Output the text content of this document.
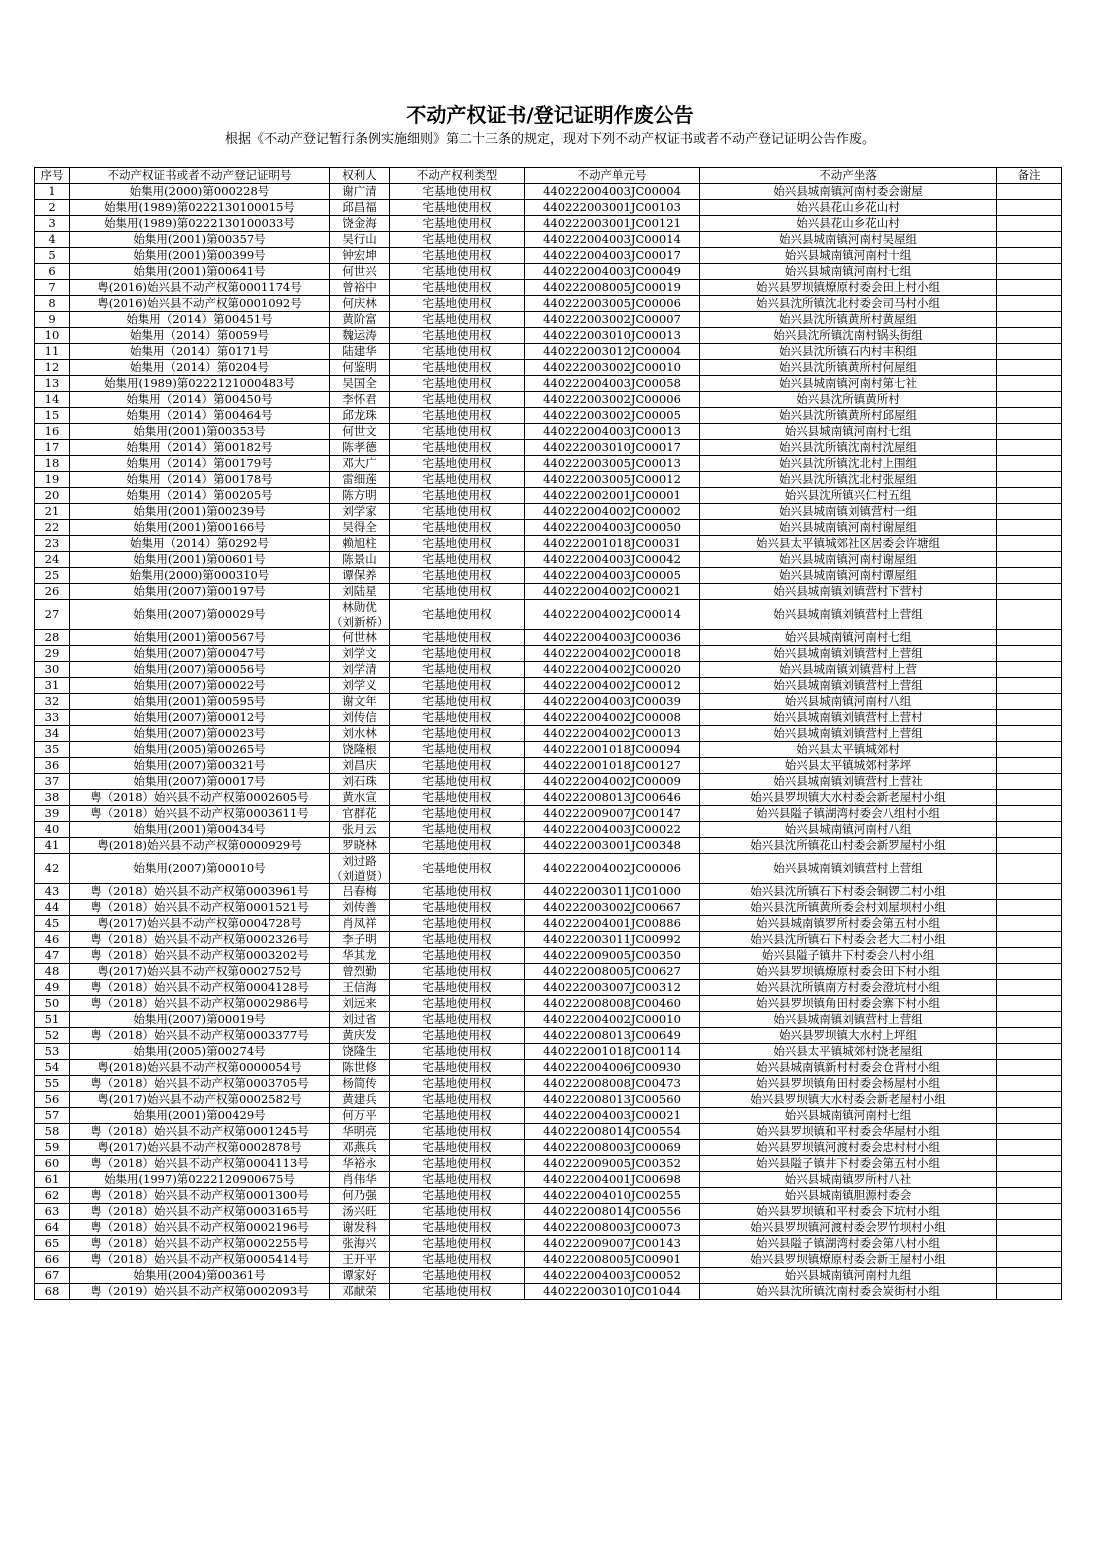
不动产权证书/登记证明作废公告
根据《不动产登记暂行条例实施细则》第二十三条的规定，现对下列不动产权证书或者不动产登记证明公告作废。
序号	不动产权证书或者不动产登记证明号	权利人	不动产权利类型	不动产单元号	不动产坐落	备注
1	始集用(2000)第000228号	谢广清	宅基地使用权	440222004003JC00004	始兴县城南镇河南村委会谢屋	
2	始集用(1989)第0222130100015号	邱昌福	宅基地使用权	440222003001JC00103	始兴县花山乡花山村	
3	始集用(1989)第0222130100033号	饶金海	宅基地使用权	440222003001JC00121	始兴县花山乡花山村	
4	始集用(2001)第00357号	吴行山	宅基地使用权	440222004003JC00014	始兴县城南镇河南村吴屋组	
5	始集用(2001)第00399号	钟宏坤	宅基地使用权	440222004003JC00017	始兴县城南镇河南村十组	
6	始集用(2001)第00641号	何世兴	宅基地使用权	440222004003JC00049	始兴县城南镇河南村七组	
7	粤(2016)始兴县不动产权第0001174号	曾裕中	宅基地使用权	440222008005JC00019	始兴县罗坝镇燎原村委会田上村小组	
8	粤(2016)始兴县不动产权第0001092号	何庆林	宅基地使用权	440222003005JC00006	始兴县沈所镇沈北村委会司马村小组	
9	始集用（2014）第00451号	黄阶富	宅基地使用权	440222003002JC00007	始兴县沈所镇黄所村黄屋组	
10	始集用（2014）第0059号	魏运涛	宅基地使用权	440222003010JC00013	始兴县沈所镇沈南村锅头街组	
11	始集用（2014）第0171号	陆建华	宅基地使用权	440222003012JC00004	始兴县沈所镇石内村丰积组	
12	始集用（2014）第0204号	何鉴明	宅基地使用权	440222003002JC00010	始兴县沈所镇黄所村何屋组	
13	始集用(1989)第0222121000483号	吴国全	宅基地使用权	440222004003JC00058	始兴县城南镇河南村第七社	
14	始集用（2014）第00450号	李怀君	宅基地使用权	440222003002JC00006	始兴县沈所镇黄所村	
15	始集用（2014）第00464号	邱龙珠	宅基地使用权	440222003002JC00005	始兴县沈所镇黄所村邱屋组	
16	始集用(2001)第00353号	何世文	宅基地使用权	440222004003JC00013	始兴县城南镇河南村七组	
17	始集用（2014）第00182号	陈孝德	宅基地使用权	440222003010JC00017	始兴县沈所镇沈南村沈屋组	
18	始集用（2014）第00179号	邓大广	宅基地使用权	440222003005JC00013	始兴县沈所镇沈北村上围组	
19	始集用（2014）第00178号	雷细莲	宅基地使用权	440222003005JC00012	始兴县沈所镇沈北村张屋组	
20	始集用（2014）第00205号	陈方明	宅基地使用权	440222002001JC00001	始兴县沈所镇兴仁村五组	
21	始集用(2001)第00239号	刘学家	宅基地使用权	440222004002JC00002	始兴县城南镇刘镇营村一组	
22	始集用(2001)第00166号	吴得全	宅基地使用权	440222004003JC00050	始兴县城南镇河南村谢屋组	
23	始集用（2014）第0292号	赖旭柱	宅基地使用权	440222001018JC00031	始兴县太平镇城郊社区居委会许塘组	
24	始集用(2001)第00601号	陈景山	宅基地使用权	440222004003JC00042	始兴县城南镇河南村谢屋组	
25	始集用(2000)第000310号	谭保养	宅基地使用权	440222004003JC00005	始兴县城南镇河南村谭屋组	
26	始集用(2007)第00197号	刘陆星	宅基地使用权	440222004002JC00021	始兴县城南镇刘镇营村下营村	
27	始集用(2007)第00029号	林勋优（刘新桥）	宅基地使用权	440222004002JC00014	始兴县城南镇刘镇营村上营组	
28	始集用(2001)第00567号	何世林	宅基地使用权	440222004003JC00036	始兴县城南镇河南村七组	
29	始集用(2007)第00047号	刘学文	宅基地使用权	440222004002JC00018	始兴县城南镇刘镇营村上营组	
30	始集用(2007)第00056号	刘学清	宅基地使用权	440222004002JC00020	始兴县城南镇刘镇营村上营	
31	始集用(2007)第00022号	刘学义	宅基地使用权	440222004002JC00012	始兴县城南镇刘镇营村上营组	
32	始集用(2001)第00595号	谢文年	宅基地使用权	440222004003JC00039	始兴县城南镇河南村八组	
33	始集用(2007)第00012号	刘传信	宅基地使用权	440222004002JC00008	始兴县城南镇刘镇营村上营村	
34	始集用(2007)第00023号	刘水林	宅基地使用权	440222004002JC00013	始兴县城南镇刘镇营村上营组	
35	始集用(2005)第00265号	饶隆根	宅基地使用权	440222001018JC00094	始兴县太平镇城郊村	
36	始集用(2007)第00321号	刘昌庆	宅基地使用权	440222001018JC00127	始兴县太平镇城郊村茅坪	
37	始集用(2007)第00017号	刘石珠	宅基地使用权	440222004002JC00009	始兴县城南镇刘镇营村上营社	
38	粤（2018）始兴县不动产权第0002605号	黄水宣	宅基地使用权	440222008013JC00646	始兴县罗坝镇大水村委会新老屋村小组	
39	粤（2018）始兴县不动产权第0003611号	官群花	宅基地使用权	440222009007JC00147	始兴县隘子镇湖湾村委会八组村小组	
40	始集用(2001)第00434号	张月云	宅基地使用权	440222004003JC00022	始兴县城南镇河南村八组	
41	粤(2018)始兴县不动产权第0000929号	罗晓林	宅基地使用权	440222003001JC00348	始兴县沈所镇花山村委会新罗屋村小组	
42	始集用(2007)第00010号	刘过路（刘道贤）	宅基地使用权	440222004002JC00006	始兴县城南镇刘镇营村上营组	
43	粤（2018）始兴县不动产权第0003961号	吕春梅	宅基地使用权	440222003011JC01000	始兴县沈所镇石下村委会铜锣二村小组	
44	粤（2018）始兴县不动产权第0001521号	刘传善	宅基地使用权	440222003002JC00667	始兴县沈所镇黄所委会村刘屋坝村小组	
45	粤(2017)始兴县不动产权第0004728号	肖凤祥	宅基地使用权	440222004001JC00886	始兴县城南镇罗所村委会第五村小组	
46	粤（2018）始兴县不动产权第0002326号	李子明	宅基地使用权	440222003011JC00992	始兴县沈所镇石下村委会老大二村小组	
47	粤（2018）始兴县不动产权第0003202号	华其龙	宅基地使用权	440222009005JC00350	始兴县隘子镇井下村委会八村小组	
48	粤(2017)始兴县不动产权第0002752号	曾烈勤	宅基地使用权	440222008005JC00627	始兴县罗坝镇燎原村委会田下村小组	
49	粤（2018）始兴县不动产权第0004128号	王信海	宅基地使用权	440222003007JC00312	始兴县沈所镇南方村委会澄坑村小组	
50	粤（2018）始兴县不动产权第0002986号	刘远来	宅基地使用权	440222008008JC00460	始兴县罗坝镇角田村委会寨下村小组	
51	始集用(2007)第00019号	刘过省	宅基地使用权	440222004002JC00010	始兴县城南镇刘镇营村上营组	
52	粤（2018）始兴县不动产权第0003377号	黄庆发	宅基地使用权	440222008013JC00649	始兴县罗坝镇大水村上坪组	
53	始集用(2005)第00274号	饶隆生	宅基地使用权	440222001018JC00114	始兴县太平镇城郊村饶老屋组	
54	粤(2018)始兴县不动产权第0000054号	陈世修	宅基地使用权	440222004006JC00930	始兴县城南镇新村村委会仓背村小组	
55	粤（2018）始兴县不动产权第0003705号	杨简传	宅基地使用权	440222008008JC00473	始兴县罗坝镇角田村委会杨屋村小组	
56	粤(2017)始兴县不动产权第0002582号	黄建兵	宅基地使用权	440222008013JC00560	始兴县罗坝镇大水村委会新老屋村小组	
57	始集用(2001)第00429号	何万平	宅基地使用权	440222004003JC00021	始兴县城南镇河南村七组	
58	粤（2018）始兴县不动产权第0001245号	华明亮	宅基地使用权	440222008014JC00554	始兴县罗坝镇和平村委会华屋村小组	
59	粤(2017)始兴县不动产权第0002878号	邓燕兵	宅基地使用权	440222008003JC00069	始兴县罗坝镇河渡村委会忠村村小组	
60	粤（2018）始兴县不动产权第0004113号	华裕永	宅基地使用权	440222009005JC00352	始兴县隘子镇井下村委会第五村小组	
61	始集用(1997)第0222120900675号	肖伟华	宅基地使用权	440222004001JC00698	始兴县城南镇罗所村八社	
62	粤（2018）始兴县不动产权第0001300号	何乃强	宅基地使用权	440222004010JC00255	始兴县城南镇胆源村委会	
63	粤（2018）始兴县不动产权第0003165号	汤兴旺	宅基地使用权	440222008014JC00556	始兴县罗坝镇和平村委会下坑村小组	
64	粤（2018）始兴县不动产权第0002196号	谢发科	宅基地使用权	440222008003JC00073	始兴县罗坝镇河渡村委会罗竹坝村小组	
65	粤（2018）始兴县不动产权第0002255号	张海兴	宅基地使用权	440222009007JC00143	始兴县隘子镇湖湾村委会第八村小组	
66	粤（2018）始兴县不动产权第0005414号	王开平	宅基地使用权	440222008005JC00901	始兴县罗坝镇燎原村委会新王屋村小组	
67	始集用(2004)第00361号	谭家好	宅基地使用权	440222004003JC00052	始兴县城南镇河南村九组	
68	粤（2019）始兴县不动产权第0002093号	邓献荣	宅基地使用权	440222003010JC01044	始兴县沈所镇沈南村委会炭街村小组	
